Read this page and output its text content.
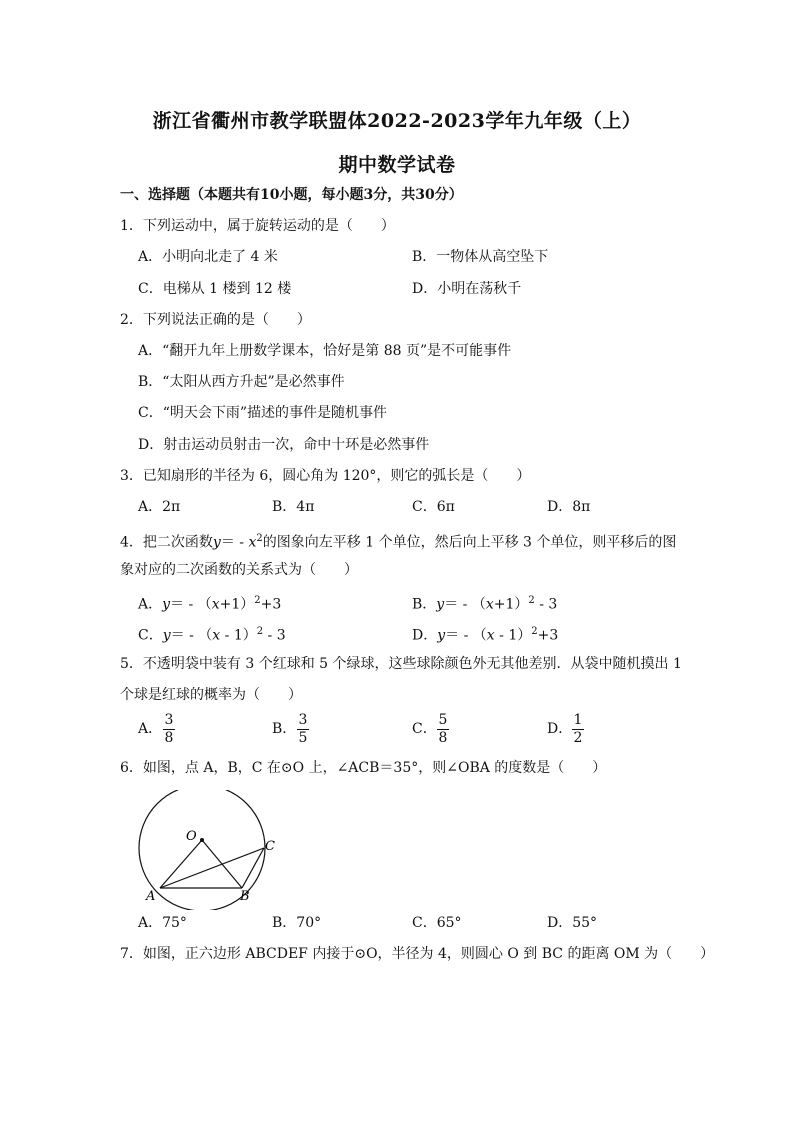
浙江省衢州市教学联盟体2022-2023学年九年级（上）
期中数学试卷
一、选择题（本题共有10小题，每小题3分，共30分）
1．下列运动中，属于旋转运动的是（　　）
A．小明向北走了 4 米	B．一物体从高空坠下
C．电梯从 1 楼到 12 楼	D．小明在荡秋千
2．下列说法正确的是（　　）
A．“翻开九年上册数学课本，恰好是第 88 页”是不可能事件
B．“太阳从西方升起”是必然事件
C．“明天会下雨”描述的事件是随机事件
D．射击运动员射击一次，命中十环是必然事件
3．已知扇形的半径为 6，圆心角为 120°，则它的弧长是（　　）
A．2π	B．4π	C．6π	D．8π
4．把二次函数$y= - x^2$的图象向左平移 1 个单位，然后向上平移 3 个单位，则平移后的图
象对应的二次函数的关系式为（　　）
A．$y= - (x+1)^2+3$	B．$y= - (x+1)^2 - 3$
C．y＝ - （x - 1）$^2$ - 3	D．y＝ - （x - 1）$^2$+3
5．不透明袋中装有 3 个红球和 5 个绿球，这些球除颜色外无其他差别．从袋中随机摸出 1
个球是红球的概率为（　　）
A．
3
8
B．
3
5
C．
5
8
D．
1
2
6．如图，点 A，B，C 在⊙O 上，∠ACB＝35°，则∠OBA 的度数是（　　）
O
A	B
C
A．75°	B．70°	C．65°	D．55°
7．如图，正六边形 ABCDEF 内接于⊙O，半径为 4，则圆心 O 到 BC 的距离 OM 为（　　）
